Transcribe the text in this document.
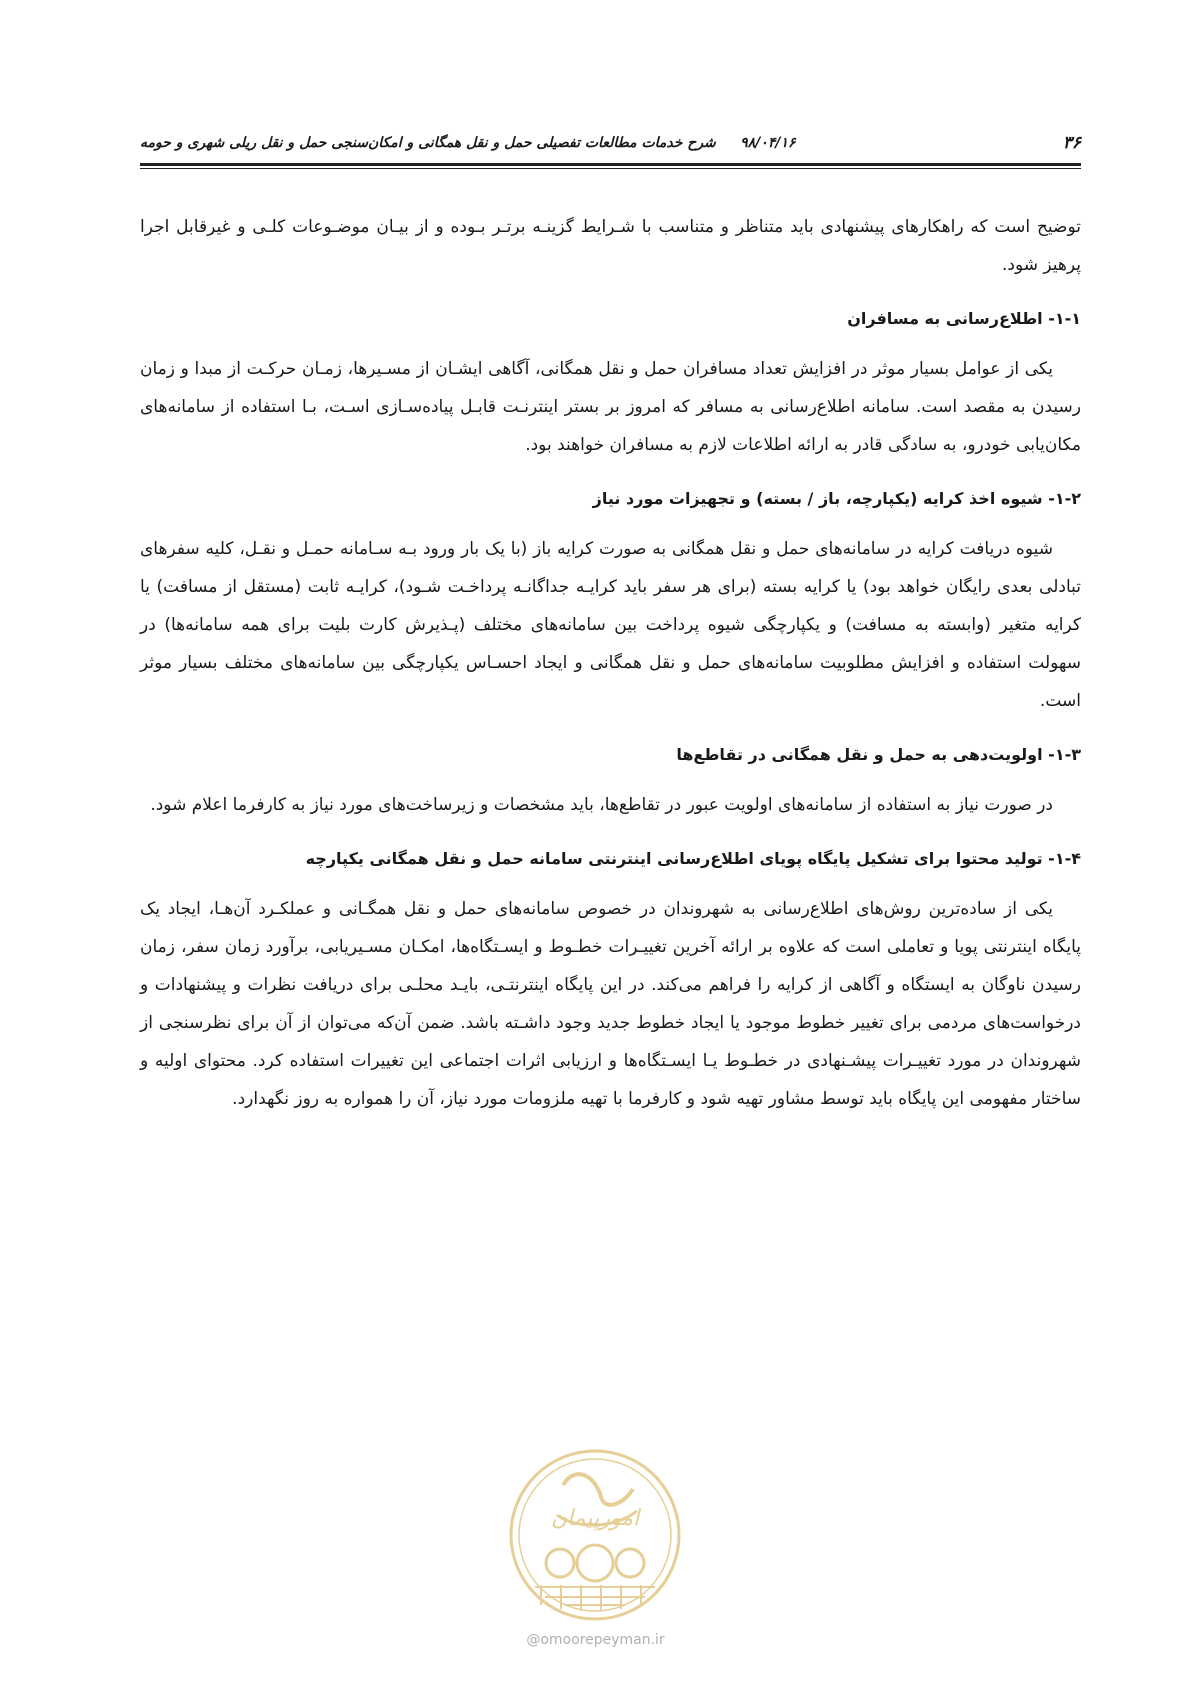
۳۶
۹۸/۰۴/۱۶     شرح خدمات مطالعات تفصیلی حمل و نقل همگانی و امکان‌سنجی حمل و نقل ریلی شهری و حومه

توضیح است که راهکارهای پیشنهادی باید متناظر و متناسب با شـرایط گزینـه برتـر بـوده و از بیـان موضـوعات کلـی و غیرقابل اجرا پرهیز شود.

۱-۱- اطلاع‌رسانی به مسافران

یکی از عوامل بسیار موثر در افزایش تعداد مسافران حمل و نقل همگانی، آگاهی ایشـان از مسـیرها، زمـان حرکـت از مبدا و زمان رسیدن به مقصد است. سامانه اطلاع‌رسانی به مسافر که امروز بر بستر اینترنـت قابـل پیاده‌سـازی اسـت، بـا استفاده از سامانه‌های مکان‌یابی خودرو، به سادگی قادر به ارائه اطلاعات لازم به مسافران خواهند بود.

۱-۲- شیوه اخذ کرایه (یکپارچه، باز / بسته) و تجهیزات مورد نیاز

شیوه دریافت کرایه در سامانه‌های حمل و نقل همگانی به صورت کرایه باز (با یک بار ورود بـه سـامانه حمـل و نقـل، کلیه سفرهای تبادلی بعدی رایگان خواهد بود) یا کرایه بسته (برای هر سفر باید کرایـه جداگانـه پرداخـت شـود)، کرایـه ثابت (مستقل از مسافت) یا کرایه متغیر (وابسته به مسافت) و یکپارچگی شیوه پرداخت بین سامانه‌های مختلف (پـذیرش کارت بلیت برای همه سامانه‌ها) در سهولت استفاده و افزایش مطلوبیت سامانه‌های حمل و نقل همگانی و ایجاد احسـاس یکپارچگی بین سامانه‌های مختلف بسیار موثر است.

۱-۳- اولویت‌دهی به حمل و نقل همگانی در تقاطع‌ها

در صورت نیاز به استفاده از سامانه‌های اولویت عبور در تقاطع‌ها، باید مشخصات و زیرساخت‌های مورد نیاز به کارفرما اعلام شود.

۱-۴- تولید محتوا برای تشکیل پایگاه پویای اطلاع‌رسانی اینترنتی سامانه حمل و نقل همگانی یکپارچه

یکی از ساده‌ترین روش‌های اطلاع‌رسانی به شهروندان در خصوص سامانه‌های حمل و نقل همگـانی و عملکـرد آن‌هـا، ایجاد یک پایگاه اینترنتی پویا و تعاملی است که علاوه بر ارائه آخرین تغییـرات خطـوط و ایسـتگاه‌ها، امکـان مسـیریابی، برآورد زمان سفر، زمان رسیدن ناوگان به ایستگاه و آگاهی از کرایه را فراهم می‌کند. در این پایگاه اینترنتـی، بایـد محلـی برای دریافت نظرات و پیشنهادات و درخواست‌های مردمی برای تغییر خطوط موجود یا ایجاد خطوط جدید وجود داشـته باشد. ضمن آن‌که می‌توان از آن برای نظرسنجی از شهروندان در مورد تغییـرات پیشـنهادی در خطـوط یـا ایسـتگاه‌ها و ارزیابی اثرات اجتماعی این تغییرات استفاده کرد. محتوای اولیه و ساختار مفهومی این پایگاه باید توسط مشاور تهیه شود و کارفرما با تهیه ملزومات مورد نیاز، آن را همواره به روز نگهدارد.

امورپیمان
@omoorepeyman.ir
